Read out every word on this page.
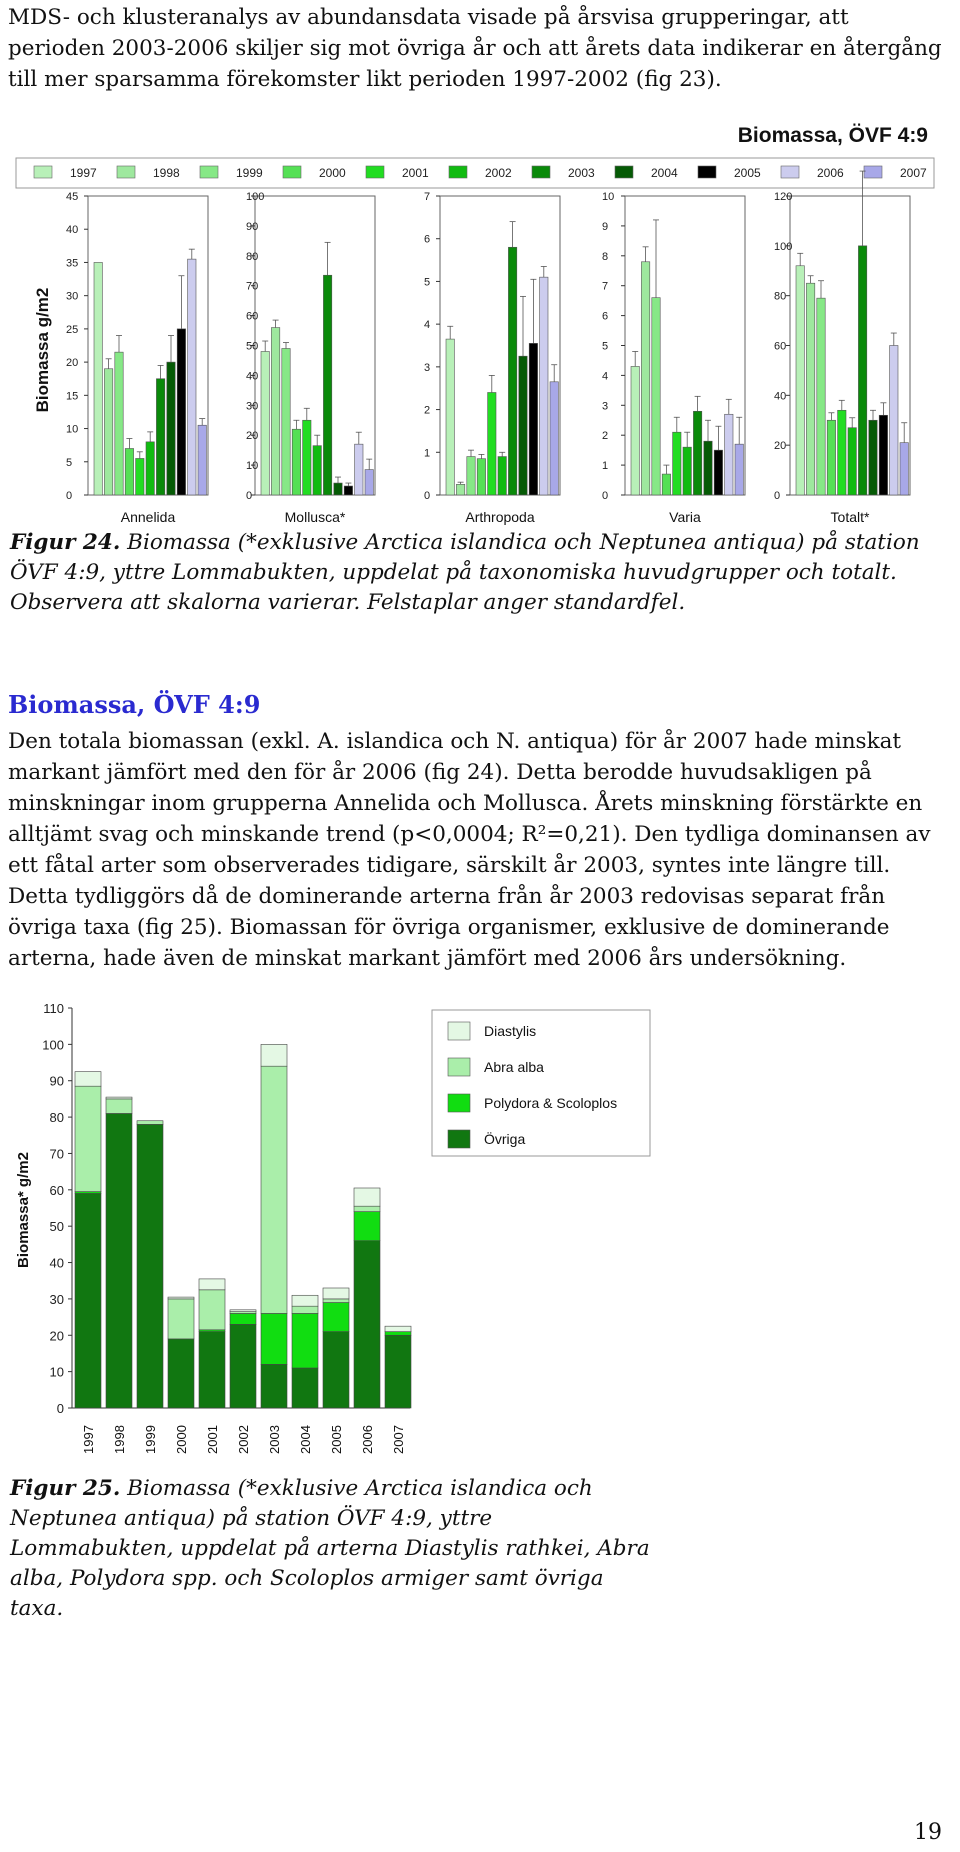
MDS- och klusteranalys av abundansdata visade på årsvisa grupperingar, att perioden 2003-2006 skiljer sig mot övriga år och att årets data indikerar en återgång till mer sparsamma förekomster likt perioden 1997-2002 (fig 23).

Biomassa, ÖVF 4:9
1997	1998	1999	2000	2001	2002	2003	2004	2005	2006	2007
Biomassa g/m2
0
5
10
15
20
25
30
35
40
45
Annelida
0
10
20
30
40
50
60
70
80
90
100
Mollusca*
0
1
2
3
4
5
6
7
Arthropoda
0
1
2
3
4
5
6
7
8
9
10
Varia
0
20
40
60
80
100
120
Totalt*

Figur 24. Biomassa (*exklusive Arctica islandica och Neptunea antiqua) på station ÖVF 4:9, yttre Lommabukten, uppdelat på taxonomiska huvudgrupper och totalt. Observera att skalorna varierar. Felstaplar anger standardfel.

Biomassa, ÖVF 4:9

Den totala biomassan (exkl. A. islandica och N. antiqua) för år 2007 hade minskat markant jämfört med den för år 2006 (fig 24). Detta berodde huvudsakligen på minskningar inom grupperna Annelida och Mollusca. Årets minskning förstärkte en alltjämt svag och minskande trend (p<0,0004; R²=0,21). Den tydliga dominansen av ett fåtal arter som observerades tidigare, särskilt år 2003, syntes inte längre till. Detta tydliggörs då de dominerande arterna från år 2003 redovisas separat från övriga taxa (fig 25). Biomassan för övriga organismer, exklusive de dominerande arterna, hade även de minskat markant jämfört med 2006 års undersökning.

0
10
20
30
40
50
60
70
80
90
100
110
Biomassa* g/m2
1997 1998 1999 2000 2001 2002 2003 2004 2005 2006 2007
Diastylis
Abra alba
Polydora & Scoloplos
Övriga

Figur 25. Biomassa (*exklusive Arctica islandica och Neptunea antiqua) på station ÖVF 4:9, yttre Lommabukten, uppdelat på arterna Diastylis rathkei, Abra alba, Polydora spp. och Scoloplos armiger samt övriga taxa.

19
